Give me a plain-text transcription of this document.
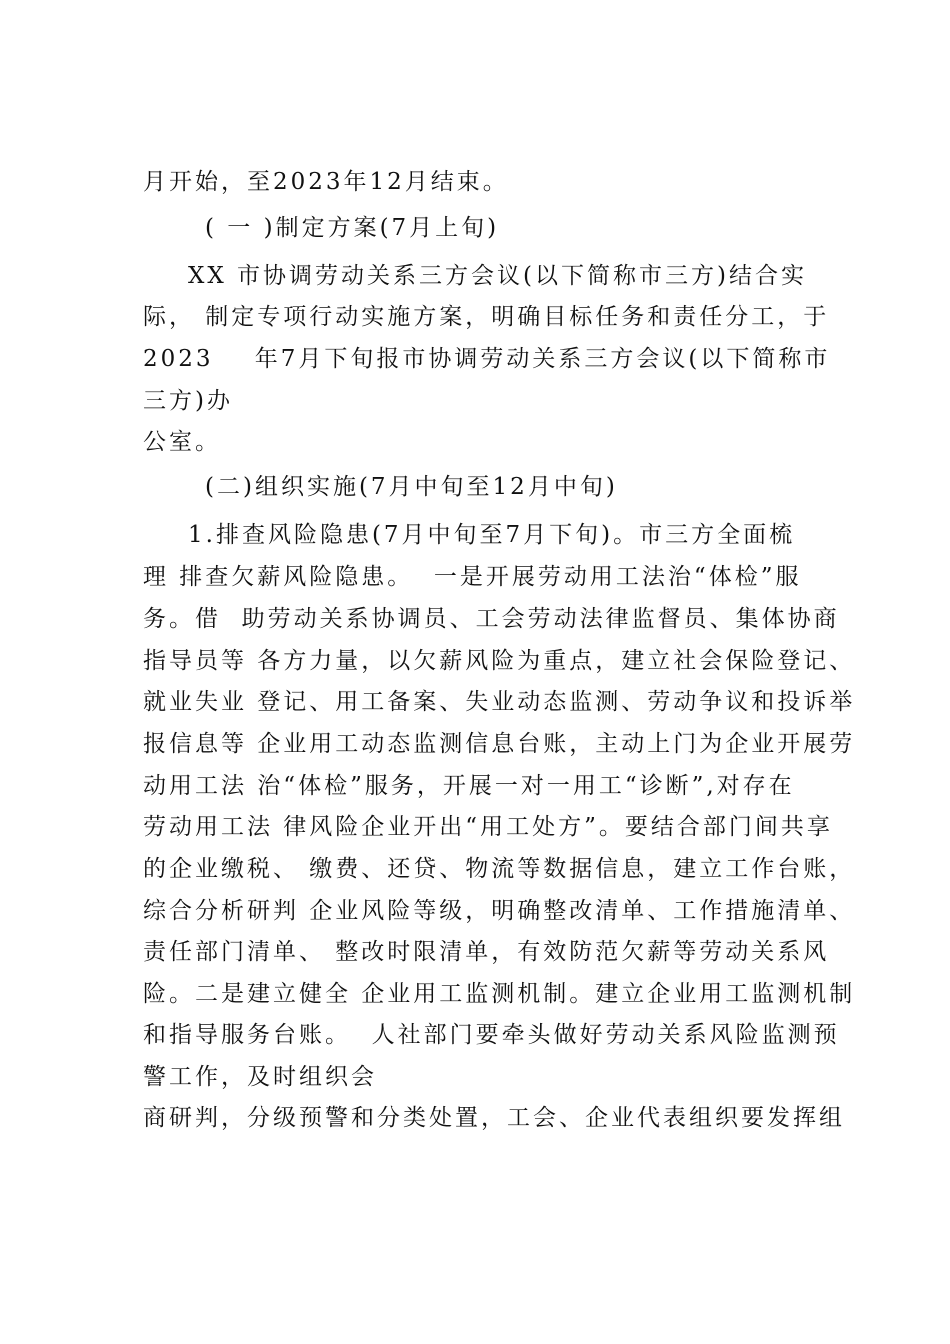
月开始，至2023年12月结束。
( 一 )制定方案(7月上旬)
XX 市协调劳动关系三方会议(以下简称市三方)结合实
际， 制定专项行动实施方案，明确目标任务和责任分工，于
2023    年7月下旬报市协调劳动关系三方会议(以下简称市
三方)办
公室。
(二)组织实施(7月中旬至12月中旬)
1.排查风险隐患(7月中旬至7月下旬)。市三方全面梳
理 排查欠薪风险隐患。  一是开展劳动用工法治“体检”服
务。借  助劳动关系协调员、工会劳动法律监督员、集体协商
指导员等 各方力量，以欠薪风险为重点，建立社会保险登记、
就业失业 登记、用工备案、失业动态监测、劳动争议和投诉举
报信息等 企业用工动态监测信息台账，主动上门为企业开展劳
动用工法 治“体检”服务，开展一对一用工“诊断”,对存在
劳动用工法 律风险企业开出“用工处方”。要结合部门间共享
的企业缴税、 缴费、还贷、物流等数据信息，建立工作台账，
综合分析研判 企业风险等级，明确整改清单、工作措施清单、
责任部门清单、 整改时限清单，有效防范欠薪等劳动关系风
险。二是建立健全 企业用工监测机制。建立企业用工监测机制
和指导服务台账。  人社部门要牵头做好劳动关系风险监测预
警工作，及时组织会
商研判，分级预警和分类处置，工会、企业代表组织要发挥组
